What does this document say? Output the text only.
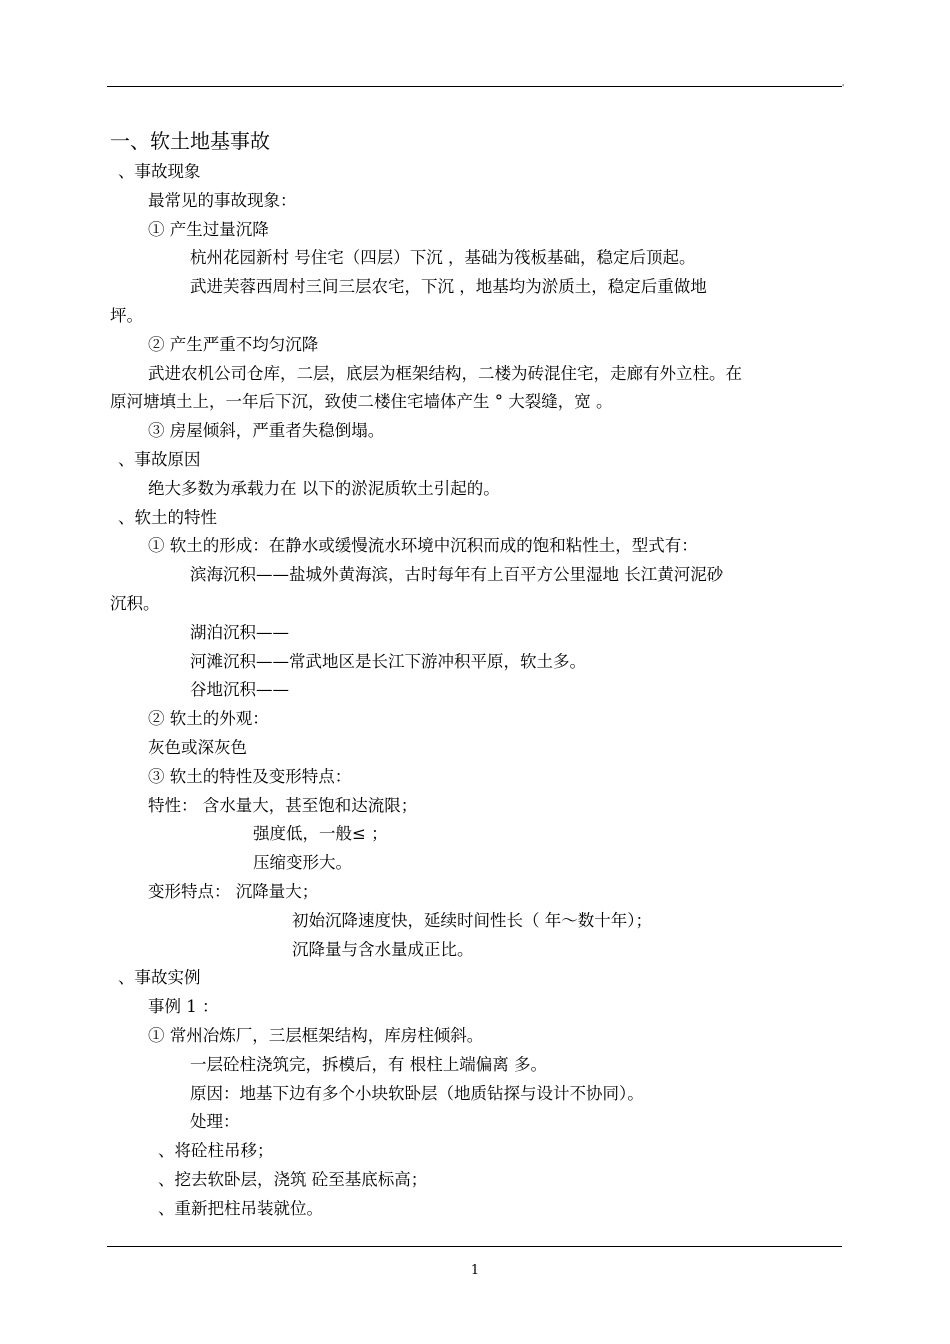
'
一、软土地基事故
、事故现象
最常见的事故现象：
① 产生过量沉降
杭州花园新村 号住宅（四层）下沉 ，基础为筏板基础，稳定后顶起。
武进芙蓉西周村三间三层农宅，下沉 ，地基均为淤质土，稳定后重做地
坪。
② 产生严重不均匀沉降
武进农机公司仓库，二层，底层为框架结构，二楼为砖混住宅，走廊有外立柱。在
原河塘填土上，一年后下沉，致使二楼住宅墙体产生 ° 大裂缝，宽 。
③ 房屋倾斜，严重者失稳倒塌。
、事故原因
绝大多数为承载力在 以下的淤泥质软土引起的。
、软土的特性
① 软土的形成：在静水或缓慢流水环境中沉积而成的饱和粘性土，型式有：
滨海沉积——盐城外黄海滨，古时每年有上百平方公里湿地 长江黄河泥砂
沉积。
湖泊沉积——
河滩沉积——常武地区是长江下游冲积平原，软土多。
谷地沉积——
② 软土的外观：
灰色或深灰色
③ 软土的特性及变形特点：
特性： 含水量大，甚至饱和达流限；
强度低，一般≤ ；
压缩变形大。
变形特点： 沉降量大；
初始沉降速度快，延续时间性长（ 年～数十年）；
沉降量与含水量成正比。
、事故实例
事例 1 ：
① 常州冶炼厂，三层框架结构，库房柱倾斜。
一层砼柱浇筑完，拆模后，有 根柱上端偏离 多。
原因：地基下边有多个小块软卧层（地质钻探与设计不协同）。
处理：
、将砼柱吊移；
、挖去软卧层，浇筑 砼至基底标高；
、重新把柱吊装就位。
1
